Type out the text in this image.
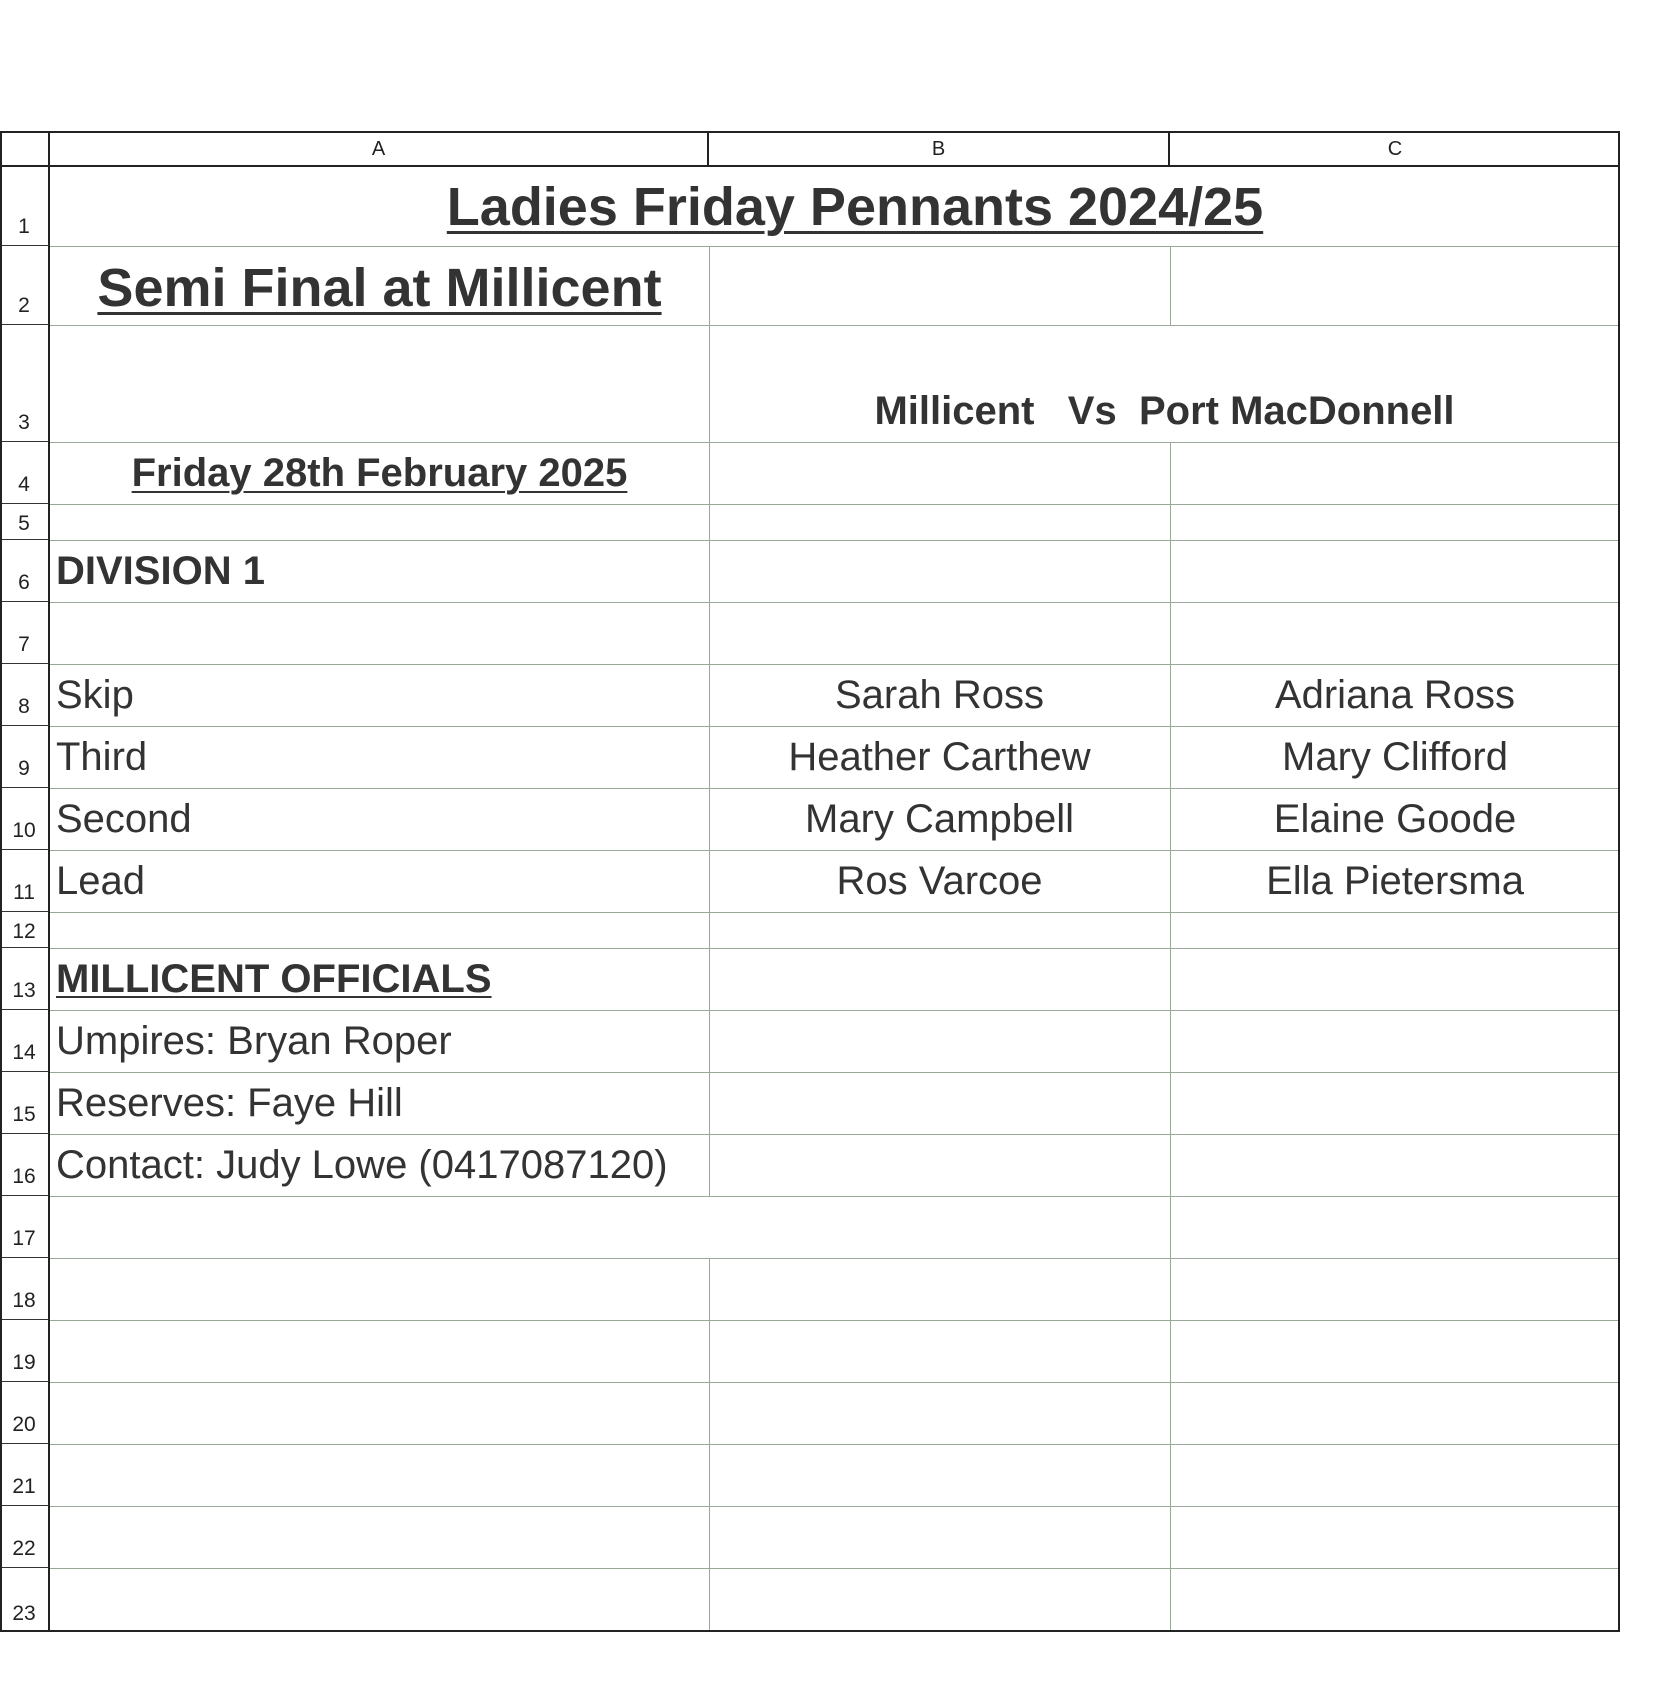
A	B	C
1
2
3
4
5
6
7
8
9
10
11
12
13
14
15
16
17
18
19
20
21
22
23
Ladies Friday Pennants 2024/25
Semi Final at Millicent
Millicent   Vs  Port MacDonnell
Friday 28th February 2025
DIVISION 1
Skip	Sarah Ross	Adriana Ross
Third	Heather Carthew	Mary Clifford
Second	Mary Campbell	Elaine Goode
Lead	Ros Varcoe	Ella Pietersma
MILLICENT OFFICIALS
Umpires: Bryan Roper
Reserves: Faye Hill
Contact: Judy Lowe (0417087120)
